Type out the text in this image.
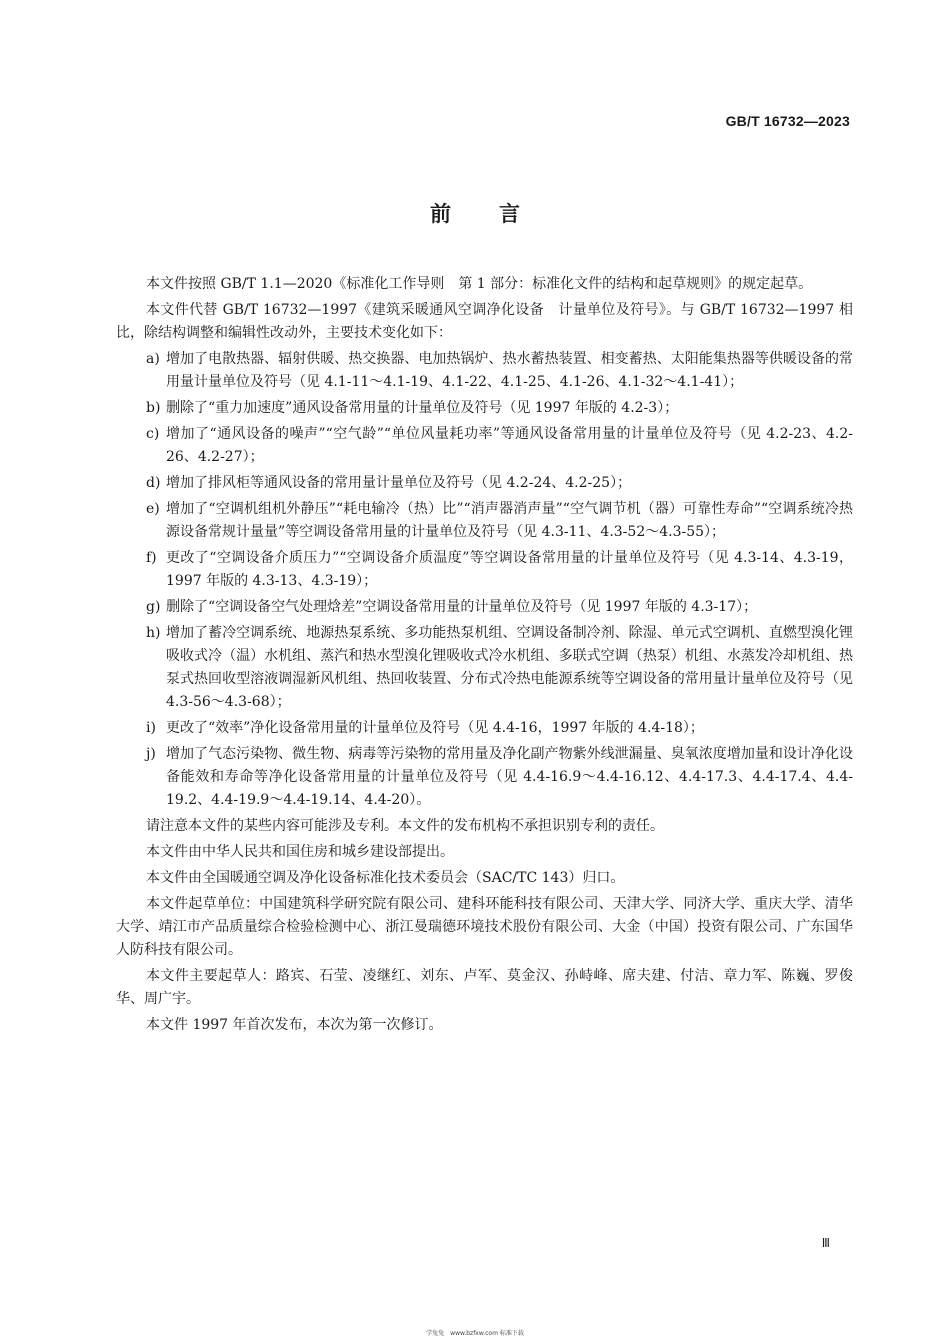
GB/T 16732—2023
前言

本文件按照 GB/T 1.1—2020《标准化工作导则　第 1 部分：标准化文件的结构和起草规则》的规定起草。

本文件代替 GB/T 16732—1997《建筑采暖通风空调净化设备　计量单位及符号》。与 GB/T 16732—1997 相比，除结构调整和编辑性改动外，主要技术变化如下：

a) 增加了电散热器、辐射供暖、热交换器、电加热锅炉、热水蓄热装置、相变蓄热、太阳能集热器等供暖设备的常用量计量单位及符号（见 4.1-11～4.1-19、4.1-22、4.1-25、4.1-26、4.1-32～4.1-41）；
b) 删除了“重力加速度”通风设备常用量的计量单位及符号（见 1997 年版的 4.2-3）；
c) 增加了“通风设备的噪声”“空气龄”“单位风量耗功率”等通风设备常用量的计量单位及符号（见 4.2-23、4.2-26、4.2-27）；
d) 增加了排风柜等通风设备的常用量计量单位及符号（见 4.2-24、4.2-25）；
e) 增加了“空调机组机外静压”“耗电输冷（热）比”“消声器消声量”“空气调节机（器）可靠性寿命”“空调系统冷热源设备常规计量量”等空调设备常用量的计量单位及符号（见 4.3-11、4.3-52～4.3-55）；
f) 更改了“空调设备介质压力”“空调设备介质温度”等空调设备常用量的计量单位及符号（见 4.3-14、4.3-19，1997 年版的 4.3-13、4.3-19）；
g) 删除了“空调设备空气处理焓差”空调设备常用量的计量单位及符号（见 1997 年版的 4.3-17）；
h) 增加了蓄冷空调系统、地源热泵系统、多功能热泵机组、空调设备制冷剂、除湿、单元式空调机、直燃型溴化锂吸收式冷（温）水机组、蒸汽和热水型溴化锂吸收式冷水机组、多联式空调（热泵）机组、水蒸发冷却机组、热泵式热回收型溶液调湿新风机组、热回收装置、分布式冷热电能源系统等空调设备的常用量计量单位及符号（见 4.3-56～4.3-68）；
i) 更改了“效率”净化设备常用量的计量单位及符号（见 4.4-16，1997 年版的 4.4-18）；
j) 增加了气态污染物、微生物、病毒等污染物的常用量及净化副产物紫外线泄漏量、臭氧浓度增加量和设计净化设备能效和寿命等净化设备常用量的计量单位及符号（见 4.4-16.9～4.4-16.12、4.4-17.3、4.4-17.4、4.4-19.2、4.4-19.9～4.4-19.14、4.4-20）。

请注意本文件的某些内容可能涉及专利。本文件的发布机构不承担识别专利的责任。

本文件由中华人民共和国住房和城乡建设部提出。

本文件由全国暖通空调及净化设备标准化技术委员会（SAC/TC 143）归口。

本文件起草单位：中国建筑科学研究院有限公司、建科环能科技有限公司、天津大学、同济大学、重庆大学、清华大学、靖江市产品质量综合检验检测中心、浙江曼瑞德环境技术股份有限公司、大金（中国）投资有限公司、广东国华人防科技有限公司。

本文件主要起草人：路宾、石莹、凌继红、刘东、卢军、莫金汉、孙峙峰、席夫建、付洁、章力军、陈巍、罗俊华、周广宇。

本文件 1997 年首次发布，本次为第一次修订。

Ⅲ
学兔兔　www.bzfxw.com 标准下载
